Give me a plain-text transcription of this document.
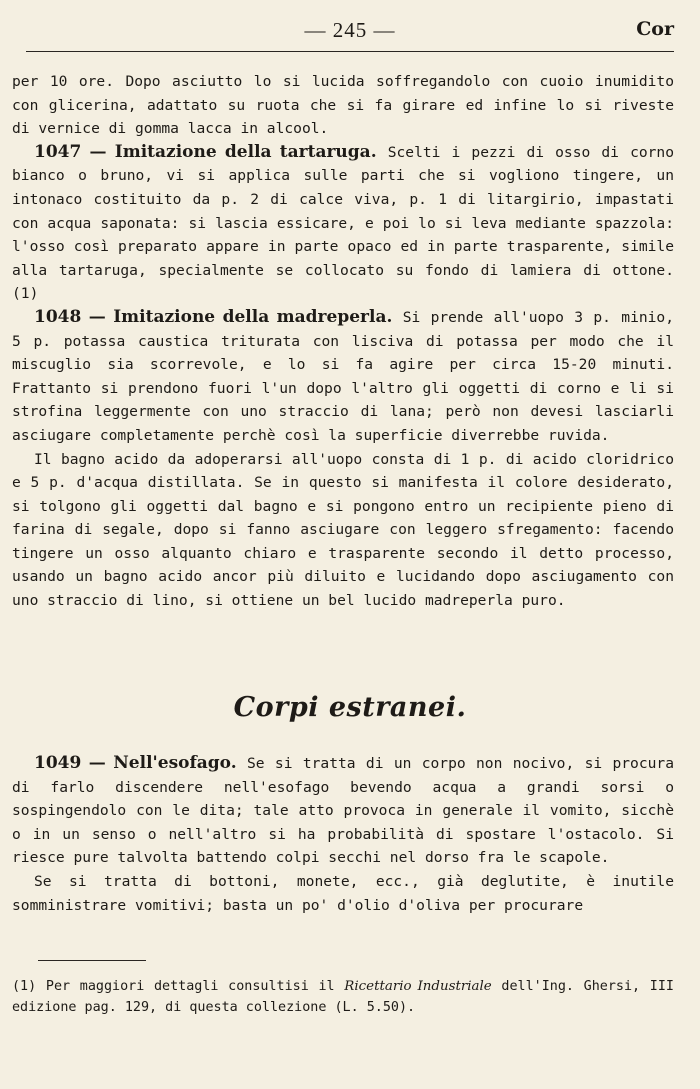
— 245 —	Cor

per 10 ore. Dopo asciutto lo si lucida soffregandolo con cuoio inumidito con glicerina, adattato su ruota che si fa girare ed infine lo si riveste di vernice di gomma lacca in alcool.

1047 — Imitazione della tartaruga. Scelti i pezzi di osso di corno bianco o bruno, vi si applica sulle parti che si vogliono tingere, un intonaco costituito da p. 2 di calce viva, p. 1 di litargirio, impastati con acqua saponata: si lascia essicare, e poi lo si leva mediante spazzola: l'osso così preparato appare in parte opaco ed in parte trasparente, simile alla tartaruga, specialmente se collocato su fondo di lamiera di ottone. (1)

1048 — Imitazione della madreperla. Si prende all'uopo 3 p. minio, 5 p. potassa caustica triturata con lisciva di potassa per modo che il miscuglio sia scorrevole, e lo si fa agire per circa 15-20 minuti. Frattanto si prendono fuori l'un dopo l'altro gli oggetti di corno e li si strofina leggermente con uno straccio di lana; però non devesi lasciarli asciugare completamente perchè così la superficie diverrebbe ruvida.

Il bagno acido da adoperarsi all'uopo consta di 1 p. di acido cloridrico e 5 p. d'acqua distillata. Se in questo si manifesta il colore desiderato, si tolgono gli oggetti dal bagno e si pongono entro un recipiente pieno di farina di segale, dopo si fanno asciugare con leggero sfregamento: facendo tingere un osso alquanto chiaro e trasparente secondo il detto processo, usando un bagno acido ancor più diluito e lucidando dopo asciugamento con uno straccio di lino, si ottiene un bel lucido madreperla puro.

Corpi estranei.

1049 — Nell'esofago. Se si tratta di un corpo non nocivo, si procura di farlo discendere nell'esofago bevendo acqua a grandi sorsi o sospingendolo con le dita; tale atto provoca in generale il vomito, sicchè o in un senso o nell'altro si ha probabilità di spostare l'ostacolo. Si riesce pure talvolta battendo colpi secchi nel dorso fra le scapole.

Se si tratta di bottoni, monete, ecc., già deglutite, è inutile somministrare vomitivi; basta un po' d'olio d'oliva per procurare

(1) Per maggiori dettagli consultisi il Ricettario Industriale dell'Ing. Ghersi, III edizione pag. 129, di questa collezione (L. 5.50).
